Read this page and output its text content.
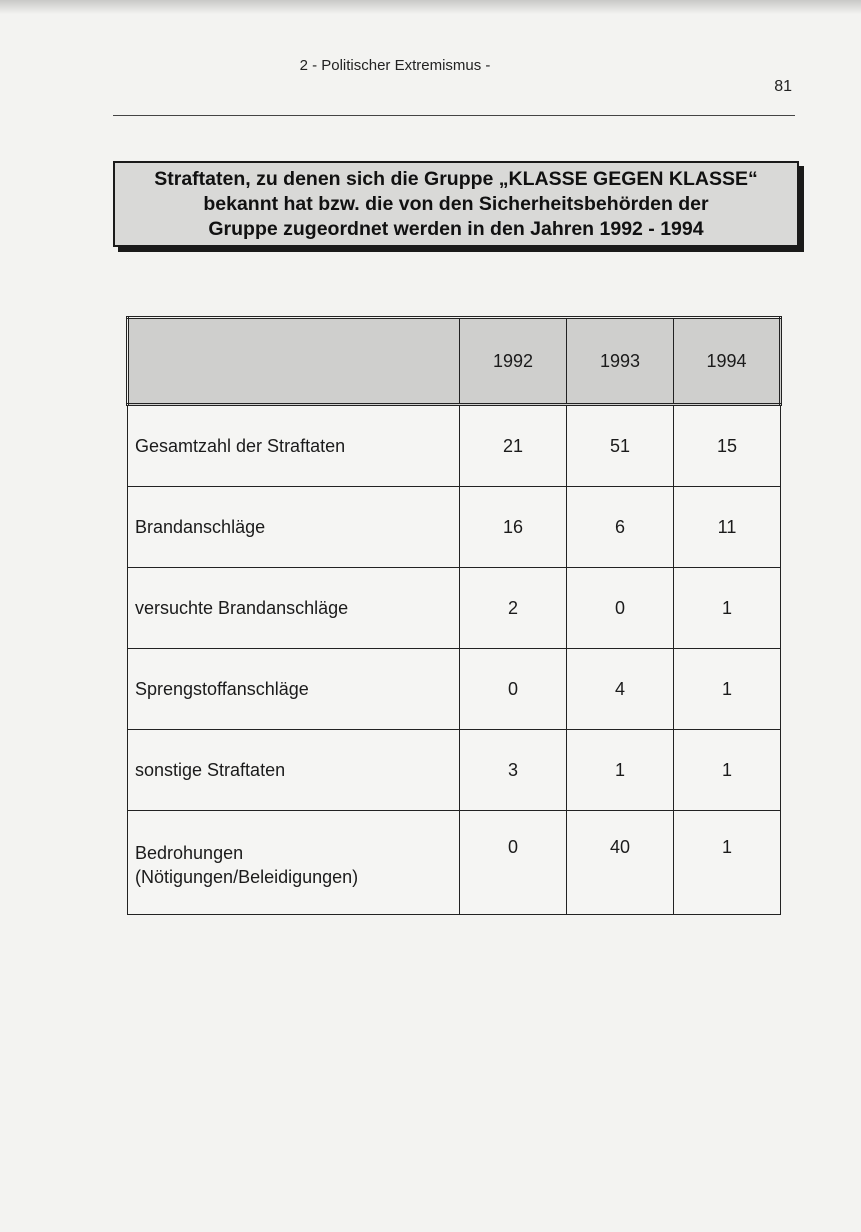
2 - Politischer Extremismus -
81
Straftaten, zu denen sich die Gruppe „KLASSE GEGEN KLASSE“
bekannt hat bzw. die von den Sicherheitsbehörden der
Gruppe zugeordnet werden in den Jahren 1992 - 1994
	1992	1993	1994
Gesamtzahl der Straftaten	21	51	15
Brandanschläge	16	6	11
versuchte Brandanschläge	2	0	1
Sprengstoffanschläge	0	4	1
sonstige Straftaten	3	1	1
Bedrohungen
(Nötigungen/Beleidigungen)	0	40	1
